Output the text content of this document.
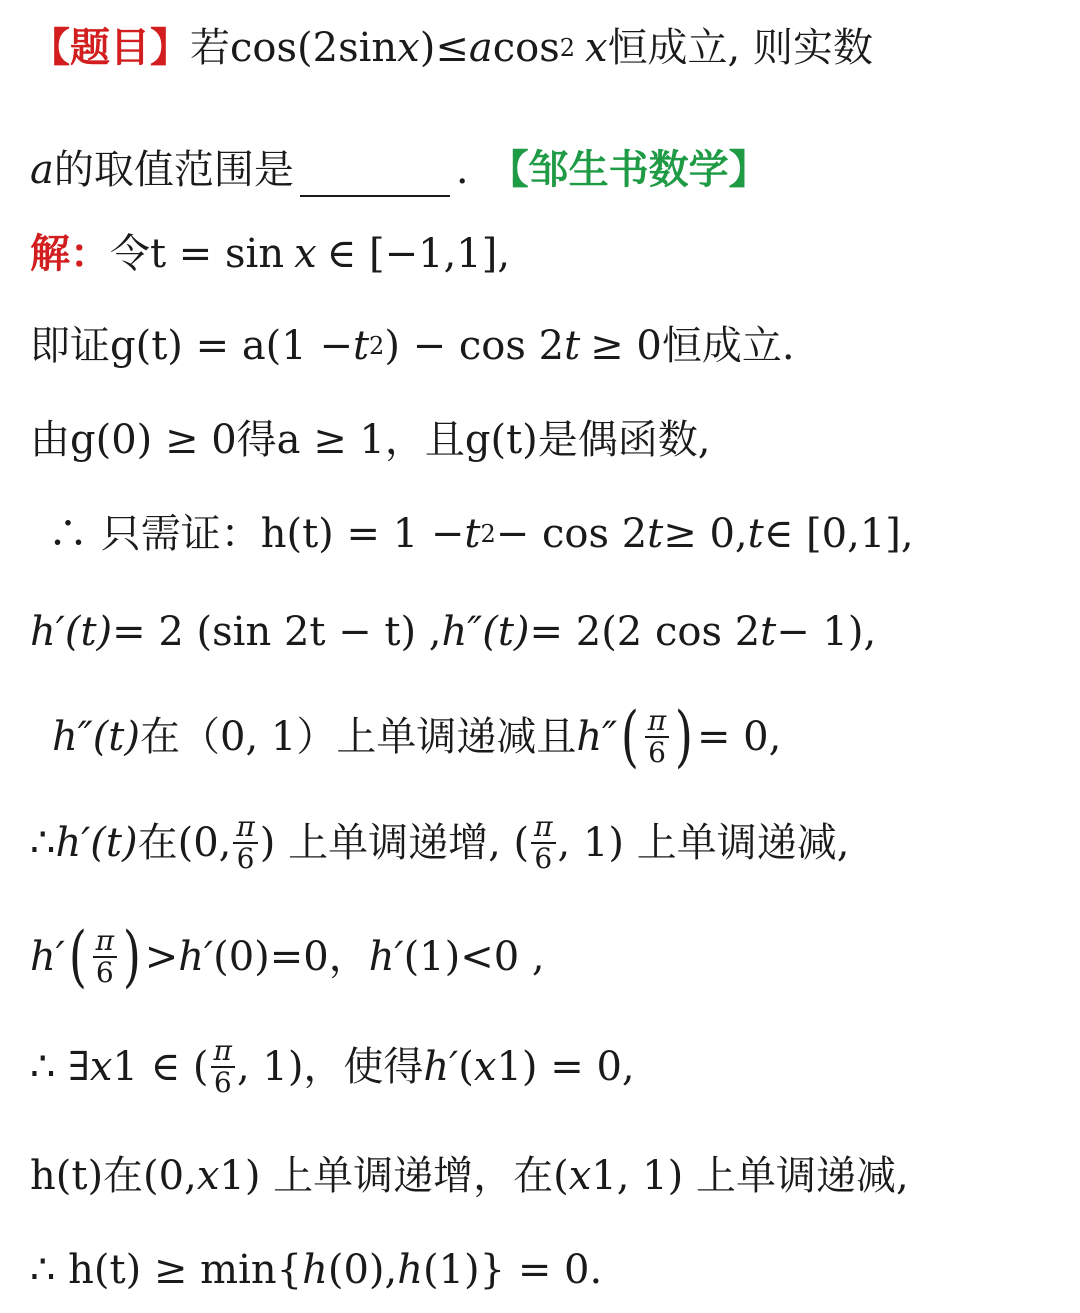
【题目】 若cos(2sin x )≤ a cos 2 x 恒成立, 则实数
a 的取值范围是	. 【邹生书数学】
解： 令t = sin x ∈ [−1,1],
即证g(t) = a(1 − t 2 ) − cos 2 t ≥ 0恒成立.
由g(0) ≥ 0得a ≥ 1，且g(t)是偶函数,
∴ 只需证：h(t) = 1 − t 2 − cos 2 t ≥ 0, t ∈ [0,1],
h′(t) = 2 (sin 2t − t) , h″(t) = 2(2 cos 2 t − 1),
h″(t) 在（0, 1）上单调递减且 h″ ( $\frac{\pi}{6}$ ) = 0,
∴ h′(t) 在(0, $\frac{\pi}{6}$ ) 上单调递增, ( $\frac{\pi}{6}$ , 1) 上单调递减,
h′ ( $\frac{\pi}{6}$ ) > h′ (0)=0， h′ (1)<0 ,
∴ ∃ x 1 ∈ ( $\frac{\pi}{6}$ , 1)，使得 h′ ( x 1) = 0,
h(t)在(0, x 1) 上单调递增，在( x 1, 1) 上单调递减,
∴ h(t) ≥ min{ h (0), h (1)} = 0.
